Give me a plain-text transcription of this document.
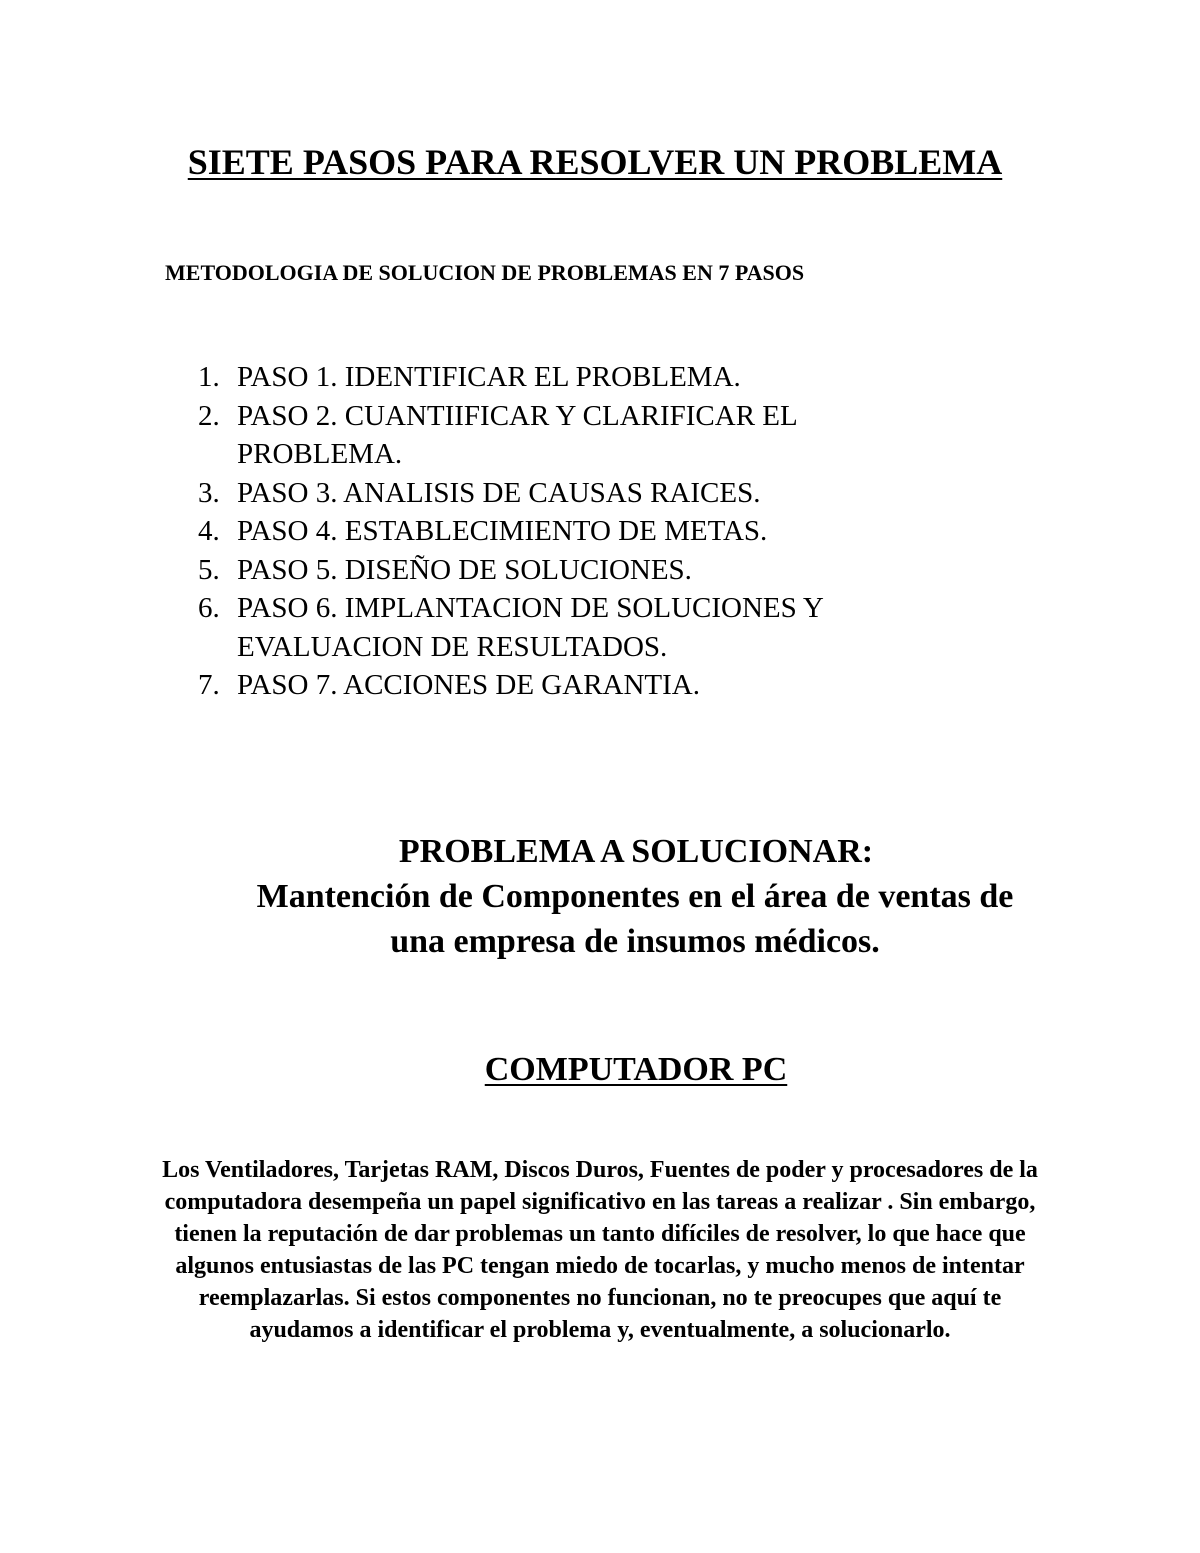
SIETE PASOS PARA RESOLVER UN PROBLEMA

METODOLOGIA DE SOLUCION DE PROBLEMAS EN 7 PASOS

1. PASO 1. IDENTIFICAR EL PROBLEMA.
2. PASO 2. CUANTIIFICAR Y CLARIFICAR EL PROBLEMA.
3. PASO 3. ANALISIS DE CAUSAS RAICES.
4. PASO 4. ESTABLECIMIENTO DE METAS.
5. PASO 5. DISEÑO DE SOLUCIONES.
6. PASO 6. IMPLANTACION DE SOLUCIONES Y EVALUACION DE RESULTADOS.
7. PASO 7. ACCIONES DE GARANTIA.
PROBLEMA A SOLUCIONAR:

Mantención de Componentes en el área de ventas de una empresa de insumos médicos.

COMPUTADOR PC

Los Ventiladores, Tarjetas RAM, Discos Duros, Fuentes de poder y procesadores de la computadora desempeña un papel significativo en las tareas a realizar . Sin embargo, tienen la reputación de dar problemas un tanto difíciles de resolver, lo que hace que algunos entusiastas de las PC tengan miedo de tocarlas, y mucho menos de intentar reemplazarlas. Si estos componentes no funcionan, no te preocupes que aquí te ayudamos a identificar el problema y, eventualmente, a solucionarlo.
